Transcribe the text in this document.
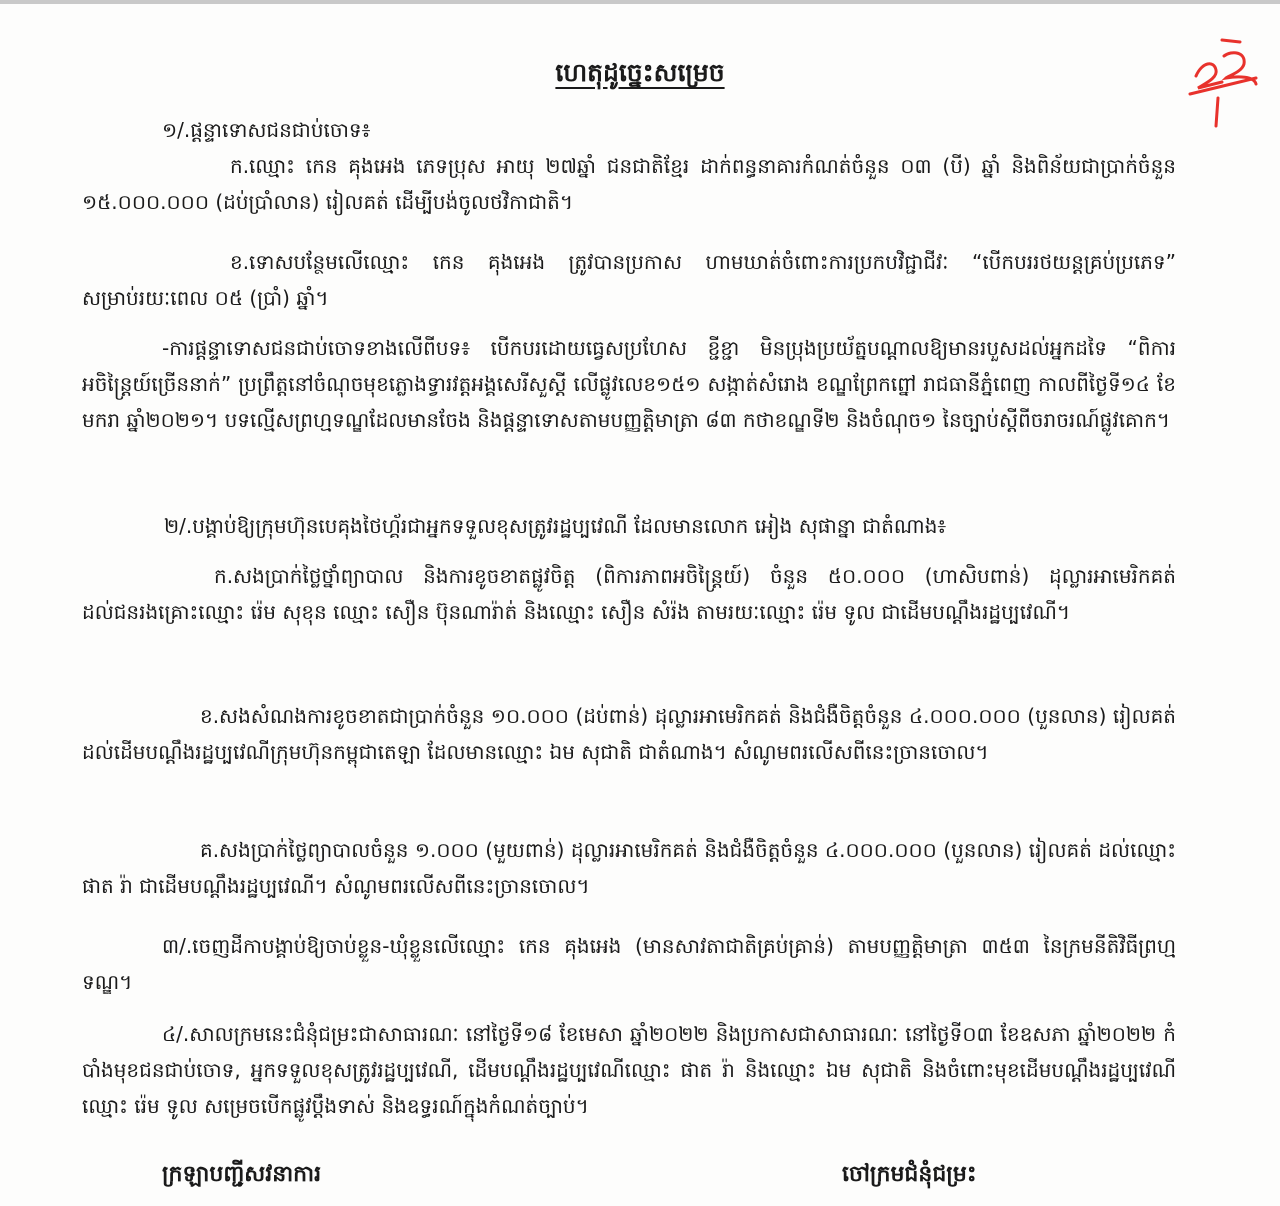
ហេតុដូច្នេះសម្រេច
១/.ផ្តន្ទាទោសជនជាប់ចោទ៖
ក.ឈ្មោះ កេន គុងអេង ភេទប្រុស អាយុ ២៧ឆ្នាំ ជនជាតិខ្មែរ ដាក់ពន្ធនាគារកំណត់ចំនួន ០៣ (បី) ឆ្នាំ និងពិន័យជាប្រាក់ចំនួន ១៥.០០០.០០០ (ដប់ប្រាំលាន) រៀលគត់ ដើម្បីបង់ចូលថវិកាជាតិ។
ខ.ទោសបន្ថែមលើឈ្មោះ កេន គុងអេង ត្រូវបានប្រកាស ហាមឃាត់ចំពោះការប្រកបវិជ្ជាជីវៈ “បើកបររថយន្តគ្រប់ប្រភេទ” សម្រាប់រយៈពេល ០៥ (ប្រាំ) ឆ្នាំ។
-ការផ្តន្ទាទោសជនជាប់ចោទខាងលើពីបទ៖ បើកបរដោយធ្វេសប្រហែស ខ្ជីខ្ជា មិនប្រុងប្រយ័ត្នបណ្តាលឱ្យមានរបួសដល់អ្នកដទៃ “ពិការអចិន្ត្រៃយ៍ច្រើននាក់” ប្រព្រឹត្តនៅចំណុចមុខភ្លោងទ្វារវត្តអង្គសេរីសួស្តី លើផ្លូវលេខ១៥១ សង្កាត់សំរោង ខណ្ឌព្រែកព្នៅ រាជធានីភ្នំពេញ កាលពីថ្ងៃទី១៤ ខែមករា ឆ្នាំ២០២១។ បទល្មើសព្រហ្មទណ្ឌដែលមានចែង និងផ្តន្ទាទោសតាមបញ្ញត្តិមាត្រា ៨៣ កថាខណ្ឌទី២ និងចំណុច១ នៃច្បាប់ស្តីពីចរាចរណ៍ផ្លូវគោក។
២/.បង្គាប់ឱ្យក្រុមហ៊ុនបេគុងថៃហ្គ័រជាអ្នកទទួលខុសត្រូវរដ្ឋប្បវេណី ដែលមានលោក អៀង សុផាន្នា ជាតំណាង៖
ក.សងប្រាក់ថ្លៃថ្នាំព្យាបាល និងការខូចខាតផ្លូវចិត្ត (ពិការភាពអចិន្ត្រៃយ៍) ចំនួន ៥០.០០០ (ហាសិបពាន់) ដុល្លារអាមេរិកគត់ ដល់ជនរងគ្រោះឈ្មោះ រ៉េម សុខុន ឈ្មោះ សឿន ប៊ុនណារ៉ាត់ និងឈ្មោះ សឿន សំរ៉ង តាមរយៈឈ្មោះ រ៉េម ទូល ជាដើមបណ្តឹងរដ្ឋប្បវេណី។
ខ.សងសំណងការខូចខាតជាប្រាក់ចំនួន ១០.០០០ (ដប់ពាន់) ដុល្លារអាមេរិកគត់ និងជំងឺចិត្តចំនួន ៤.០០០.០០០ (បួនលាន) រៀលគត់ ដល់ដើមបណ្តឹងរដ្ឋប្បវេណីក្រុមហ៊ុនកម្ពុជាតេឡា ដែលមានឈ្មោះ ឯម សុជាតិ ជាតំណាង។ សំណូមពរលើសពីនេះច្រានចោល។
គ.សងប្រាក់ថ្លៃព្យាបាលចំនួន ១.០០០ (មួយពាន់) ដុល្លារអាមេរិកគត់ និងជំងឺចិត្តចំនួន ៤.០០០.០០០ (បួនលាន) រៀលគត់ ដល់ឈ្មោះ ផាត រ៉ា ជាដើមបណ្តឹងរដ្ឋប្បវេណី។ សំណូមពរលើសពីនេះច្រានចោល។
៣/.ចេញដីកាបង្គាប់ឱ្យចាប់ខ្លួន-ឃុំខ្លួនលើឈ្មោះ កេន គុងអេង (មានសាវតាជាតិគ្រប់គ្រាន់) តាមបញ្ញត្តិមាត្រា ៣៥៣ នៃក្រមនីតិវិធីព្រហ្មទណ្ឌ។
៤/.សាលក្រមនេះជំនុំជម្រះជាសាធារណៈ នៅថ្ងៃទី១៨ ខែមេសា ឆ្នាំ២០២២ និងប្រកាសជាសាធារណៈ នៅថ្ងៃទី០៣ ខែឧសភា ឆ្នាំ២០២២ កំបាំងមុខជនជាប់ចោទ, អ្នកទទួលខុសត្រូវរដ្ឋប្បវេណី, ដើមបណ្តឹងរដ្ឋប្បវេណីឈ្មោះ ផាត រ៉ា និងឈ្មោះ ឯម សុជាតិ និងចំពោះមុខដើមបណ្តឹងរដ្ឋប្បវេណីឈ្មោះ រ៉េម ទូល សម្រេចបើកផ្លូវប្តឹងទាស់ និងឧទ្ធរណ៍ក្នុងកំណត់ច្បាប់។
ក្រឡាបញ្ជីសវនាការ	ចៅក្រមជំនុំជម្រះ
